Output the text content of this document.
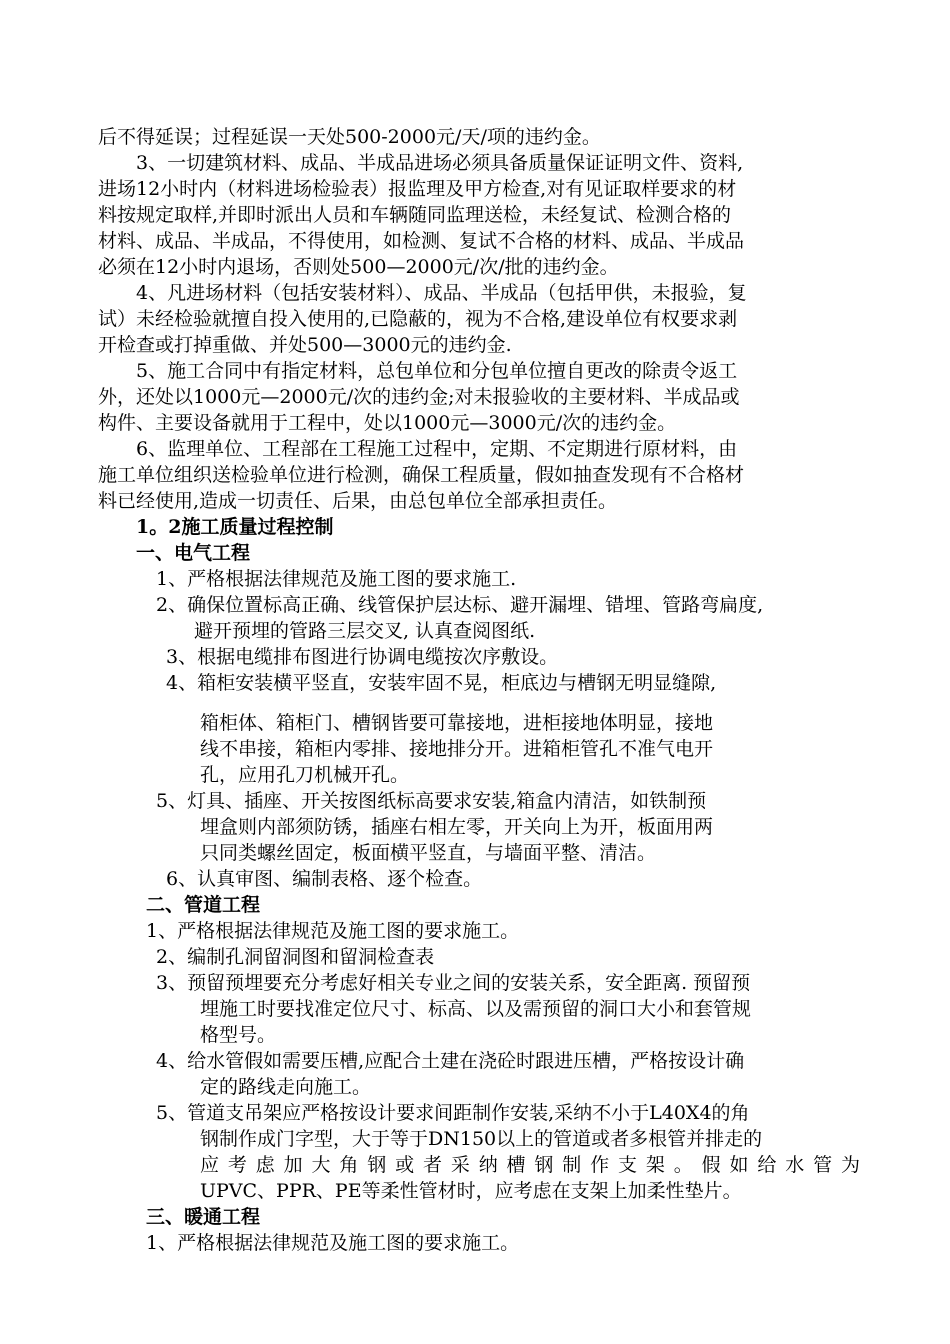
后不得延误；过程延误一天处500-2000元/天/项的违约金。
3、一切建筑材料、成品、半成品进场必须具备质量保证证明文件、资料,
进场12小时内（材料进场检验表）报监理及甲方检查,对有见证取样要求的材
料按规定取样,并即时派出人员和车辆随同监理送检，未经复试、检测合格的
材料、成品、半成品，不得使用，如检测、复试不合格的材料、成品、半成品
必须在12小时内退场，否则处500—2000元/次/批的违约金。
4、凡进场材料（包括安装材料）、成品、半成品（包括甲供，未报验，复
试）未经检验就擅自投入使用的,已隐蔽的，视为不合格,建设单位有权要求剥
开检查或打掉重做、并处500—3000元的违约金.
5、施工合同中有指定材料，总包单位和分包单位擅自更改的除责令返工
外，还处以1000元—2000元/次的违约金;对未报验收的主要材料、半成品或
构件、主要设备就用于工程中，处以1000元—3000元/次的违约金。
6、监理单位、工程部在工程施工过程中，定期、不定期进行原材料，由
施工单位组织送检验单位进行检测，确保工程质量，假如抽查发现有不合格材
料已经使用,造成一切责任、后果，由总包单位全部承担责任。
1。2施工质量过程控制
一、电气工程
1、严格根据法律规范及施工图的要求施工.
2、确保位置标高正确、线管保护层达标、避开漏埋、错埋、管路弯扁度,
避开预埋的管路三层交叉, 认真查阅图纸.
3、根据电缆排布图进行协调电缆按次序敷设。
4、箱柜安装横平竖直，安装牢固不晃，柜底边与槽钢无明显缝隙,
箱柜体、箱柜门、槽钢皆要可靠接地，进柜接地体明显，接地
线不串接，箱柜内零排、接地排分开。进箱柜管孔不准气电开
孔，应用孔刀机械开孔。
5、灯具、插座、开关按图纸标高要求安装,箱盒内清洁，如铁制预
埋盒则内部须防锈，插座右相左零，开关向上为开，板面用两
只同类螺丝固定，板面横平竖直，与墙面平整、清洁。
6、认真审图、编制表格、逐个检查。
二、管道工程
1、严格根据法律规范及施工图的要求施工。
2、编制孔洞留洞图和留洞检查表
3、预留预埋要充分考虑好相关专业之间的安装关系，安全距离. 预留预
埋施工时要找准定位尺寸、标高、以及需预留的洞口大小和套管规
格型号。
4、给水管假如需要压槽,应配合土建在浇砼时跟进压槽，严格按设计确
定的路线走向施工。
5、管道支吊架应严格按设计要求间距制作安装,采纳不小于L40X4的角
钢制作成门字型，大于等于DN150以上的管道或者多根管并排走的
应考虑加大角钢或者采纳槽钢制作支架。假如给水管为
UPVC、PPR、PE等柔性管材时，应考虑在支架上加柔性垫片。
三、暖通工程
1、严格根据法律规范及施工图的要求施工。
